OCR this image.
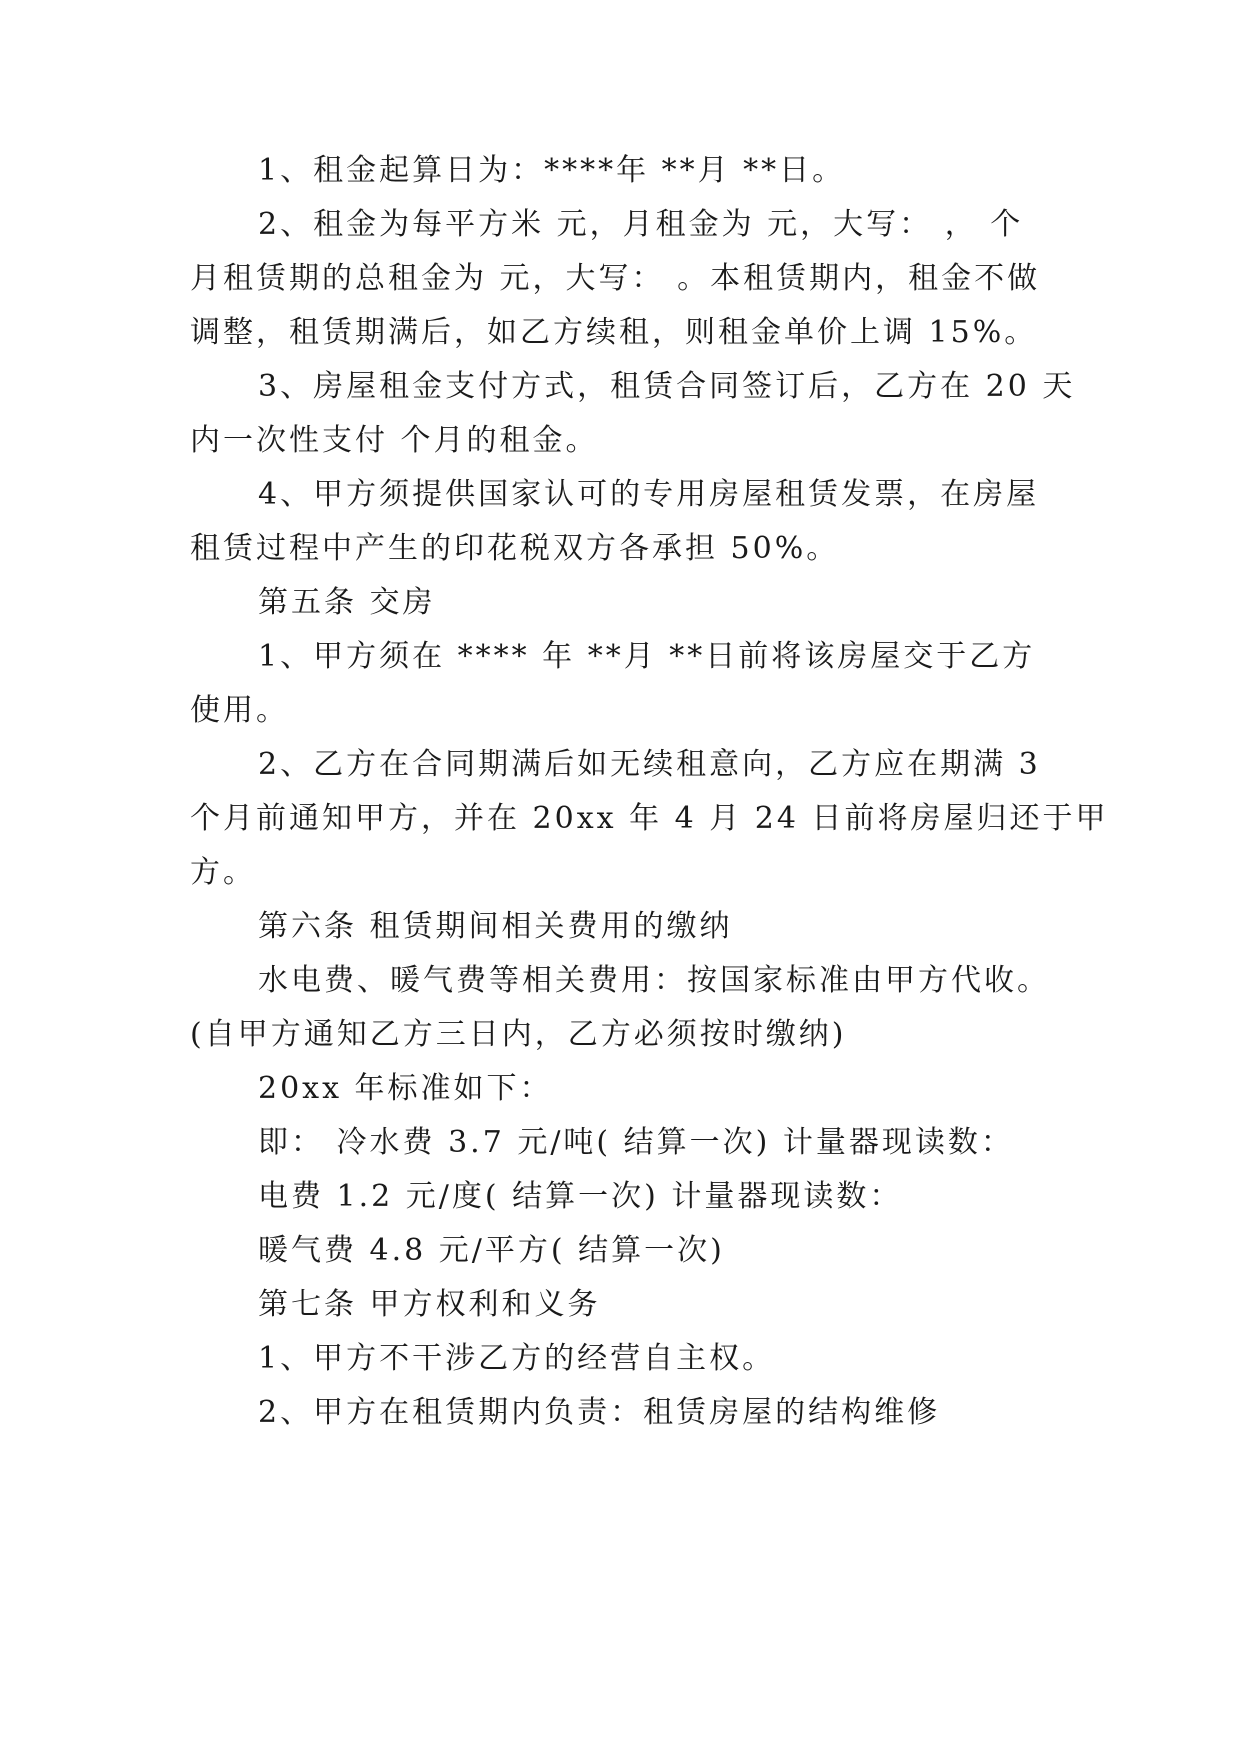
1、租金起算日为：****年 **月 **日。
2、租金为每平方米 元，月租金为 元，大写： ， 个
月租赁期的总租金为 元，大写： 。本租赁期内，租金不做
调整，租赁期满后，如乙方续租，则租金单价上调 15%。
3、房屋租金支付方式，租赁合同签订后，乙方在 20 天
内一次性支付 个月的租金。
4、甲方须提供国家认可的专用房屋租赁发票，在房屋
租赁过程中产生的印花税双方各承担 50%。
第五条 交房
1、甲方须在 **** 年 **月 **日前将该房屋交于乙方
使用。
2、乙方在合同期满后如无续租意向，乙方应在期满 3
个月前通知甲方，并在 20xx 年 4 月 24 日前将房屋归还于甲
方。
第六条 租赁期间相关费用的缴纳
水电费、暖气费等相关费用：按国家标准由甲方代收。
(自甲方通知乙方三日内，乙方必须按时缴纳)
20xx 年标准如下：
即： 冷水费 3.7 元/吨( 结算一次) 计量器现读数：
电费 1.2 元/度( 结算一次) 计量器现读数：
暖气费 4.8 元/平方( 结算一次)
第七条 甲方权利和义务
1、甲方不干涉乙方的经营自主权。
2、甲方在租赁期内负责：租赁房屋的结构维修
